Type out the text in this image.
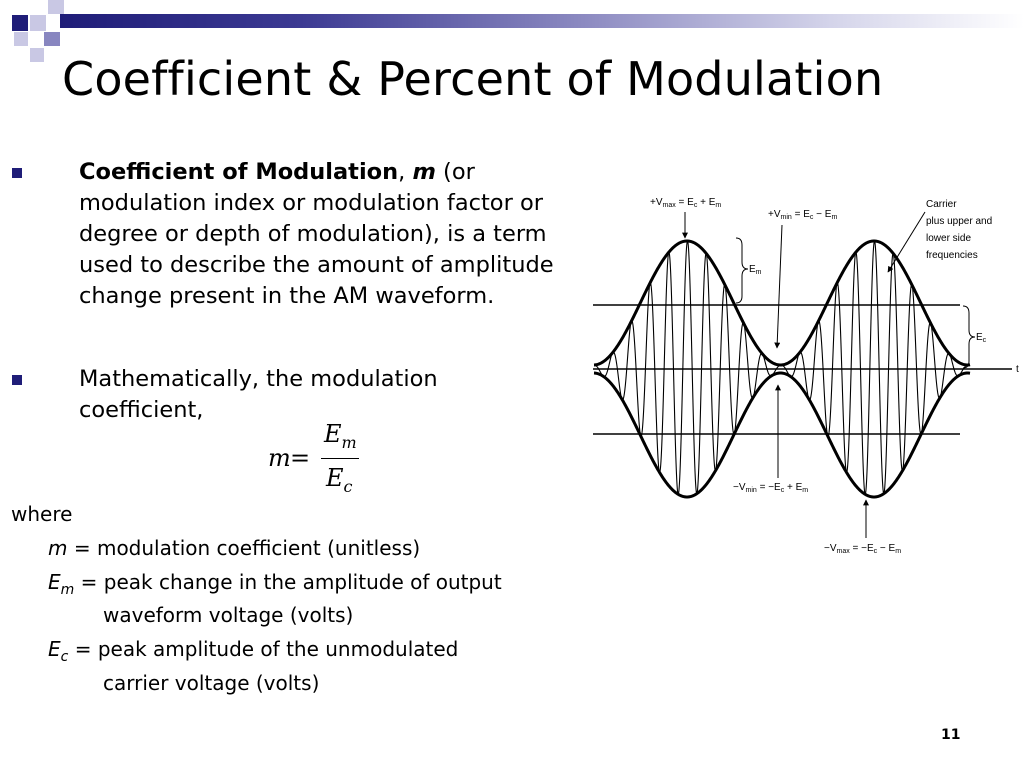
Coefficient & Percent of Modulation
Coefficient of Modulation, m (or modulation index or modulation factor or degree or depth of modulation), is a term used to describe the amount of amplitude change present in the AM waveform.
Mathematically, the modulation coefficient,
m =
$E_m$
$E_c$
where
m = modulation coefficient (unitless)
$E_m$ = peak change in the amplitude of output
waveform voltage (volts)
$E_c$ = peak amplitude of the unmodulated
carrier voltage (volts)
$+V_{max} = E_c + E_m$
$+V_{min} = E_c - E_m$
Carrier
plus upper and
lower side
frequencies
$E_m$
$E_c$
t
$-V_{min} = -E_c + E_m$
$-V_{max} = -E_c - E_m$
11
